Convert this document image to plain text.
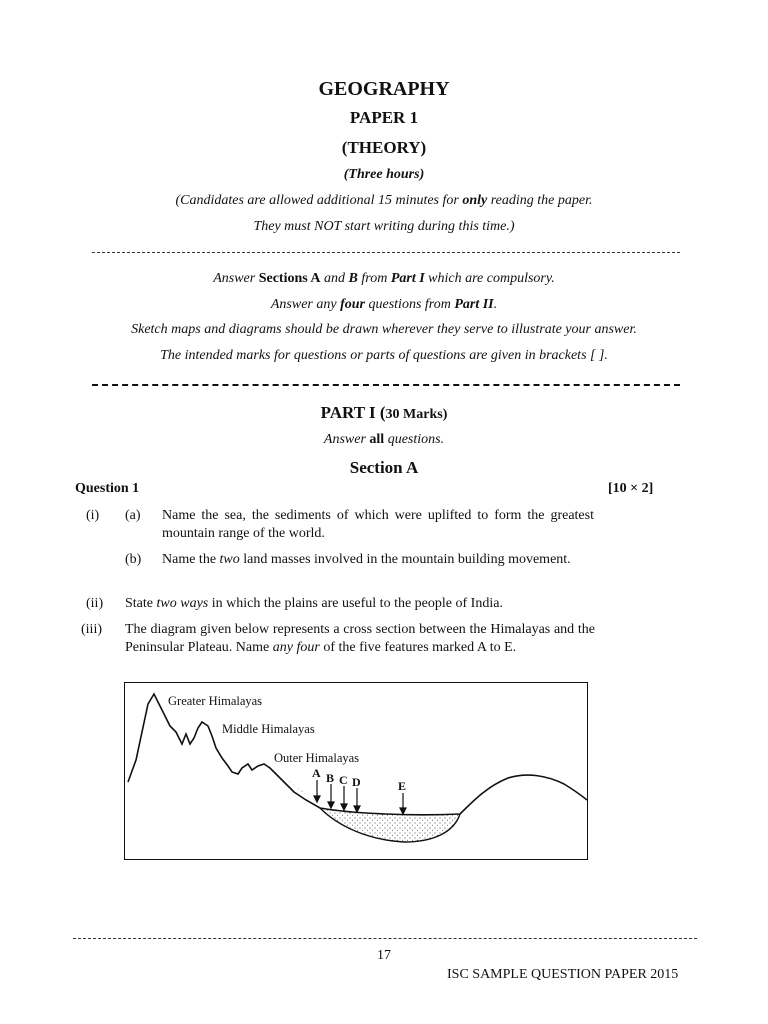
GEOGRAPHY
PAPER 1
(THEORY)
(Three hours)
(Candidates are allowed additional 15 minutes for only reading the paper.
They must NOT start writing during this time.)
Answer Sections A and B from Part I which are compulsory.
Answer any four questions from Part II.
Sketch maps and diagrams should be drawn wherever they serve to illustrate your answer.
The intended marks for questions or parts of questions are given in brackets [ ].
PART I (30 Marks)
Answer all questions.
Section A
Question 1	[10 × 2]
(i) (a) Name the sea, the sediments of which were uplifted to form the greatest mountain range of the world.
(b) Name the two land masses involved in the mountain building movement.
(ii) State two ways in which the plains are useful to the people of India.
(iii) The diagram given below represents a cross section between the Himalayas and the Peninsular Plateau. Name any four of the five features marked A to E.
Greater Himalayas
Middle Himalayas
Outer Himalayas
A B C D	E
17
ISC SAMPLE QUESTION PAPER 2015
